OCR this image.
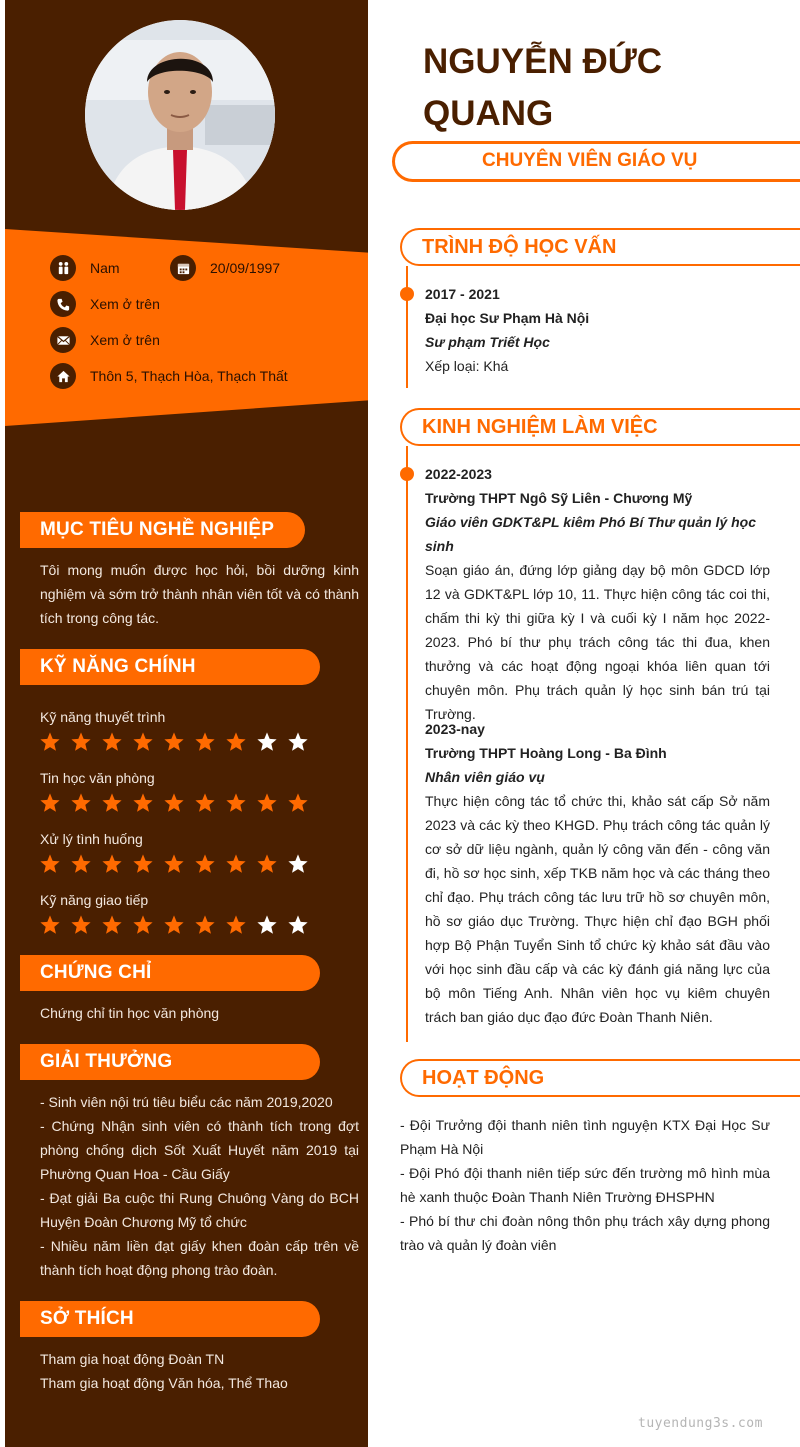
Nam	20/09/1997
Xem ở trên
Xem ở trên
Thôn 5, Thạch Hòa, Thạch Thất
MỤC TIÊU NGHỀ NGHIỆP
Tôi mong muốn được học hỏi, bồi dưỡng kinh nghiệm và sớm trở thành nhân viên tốt và có thành tích trong công tác.
KỸ NĂNG CHÍNH
Kỹ năng thuyết trình
Tin học văn phòng
Xử lý tình huống
Kỹ năng giao tiếp
CHỨNG CHỈ
Chứng chỉ tin học văn phòng
GIẢI THƯỞNG
- Sinh viên nội trú tiêu biểu các năm 2019,2020
- Chứng Nhận sinh viên có thành tích trong đợt phòng chống dịch Sốt Xuất Huyết năm 2019 tại Phường Quan Hoa - Cầu Giấy
- Đạt giải Ba cuộc thi Rung Chuông Vàng do BCH Huyện Đoàn Chương Mỹ tổ chức
- Nhiều năm liền đạt giấy khen đoàn cấp trên về thành tích hoạt động phong trào đoàn.
SỞ THÍCH
Tham gia hoạt động Đoàn TN
Tham gia hoạt động Văn hóa, Thể Thao
NGUYỄN ĐỨC QUANG
CHUYÊN VIÊN GIÁO VỤ
TRÌNH ĐỘ HỌC VẤN
2017 - 2021
Đại học Sư Phạm Hà Nội
Sư phạm Triết Học
Xếp loại: Khá
KINH NGHIỆM LÀM VIỆC
2022-2023
Trường THPT Ngô Sỹ Liên - Chương Mỹ
Giáo viên GDKT&PL kiêm Phó Bí Thư quản lý học sinh
Soạn giáo án, đứng lớp giảng dạy bộ môn GDCD lớp 12 và GDKT&PL lớp 10, 11. Thực hiện công tác coi thi, chấm thi kỳ thi giữa kỳ I và cuối kỳ I năm học 2022-2023. Phó bí thư phụ trách công tác thi đua, khen thưởng và các hoạt động ngoại khóa liên quan tới chuyên môn. Phụ trách quản lý học sinh bán trú tại Trường.
2023-nay
Trường THPT Hoàng Long - Ba Đình
Nhân viên giáo vụ
Thực hiện công tác tổ chức thi, khảo sát cấp Sở năm 2023 và các kỳ theo KHGD. Phụ trách công tác quản lý cơ sở dữ liệu ngành, quản lý công văn đến - công văn đi, hồ sơ học sinh, xếp TKB năm học và các tháng theo chỉ đạo. Phụ trách công tác lưu trữ hồ sơ chuyên môn, hồ sơ giáo dục Trường. Thực hiện chỉ đạo BGH phối hợp Bộ Phận Tuyển Sinh tổ chức kỳ khảo sát đầu vào với học sinh đầu cấp và các kỳ đánh giá năng lực của bộ môn Tiếng Anh. Nhân viên học vụ kiêm chuyên trách ban giáo dục đạo đức Đoàn Thanh Niên.
HOẠT ĐỘNG
- Đội Trưởng đội thanh niên tình nguyện KTX Đại Học Sư Phạm Hà Nội
- Đội Phó đội thanh niên tiếp sức đến trường mô hình mùa hè xanh thuộc Đoàn Thanh Niên Trường ĐHSPHN
- Phó bí thư chi đoàn nông thôn phụ trách xây dựng phong trào và quản lý đoàn viên
tuyendung3s.com
